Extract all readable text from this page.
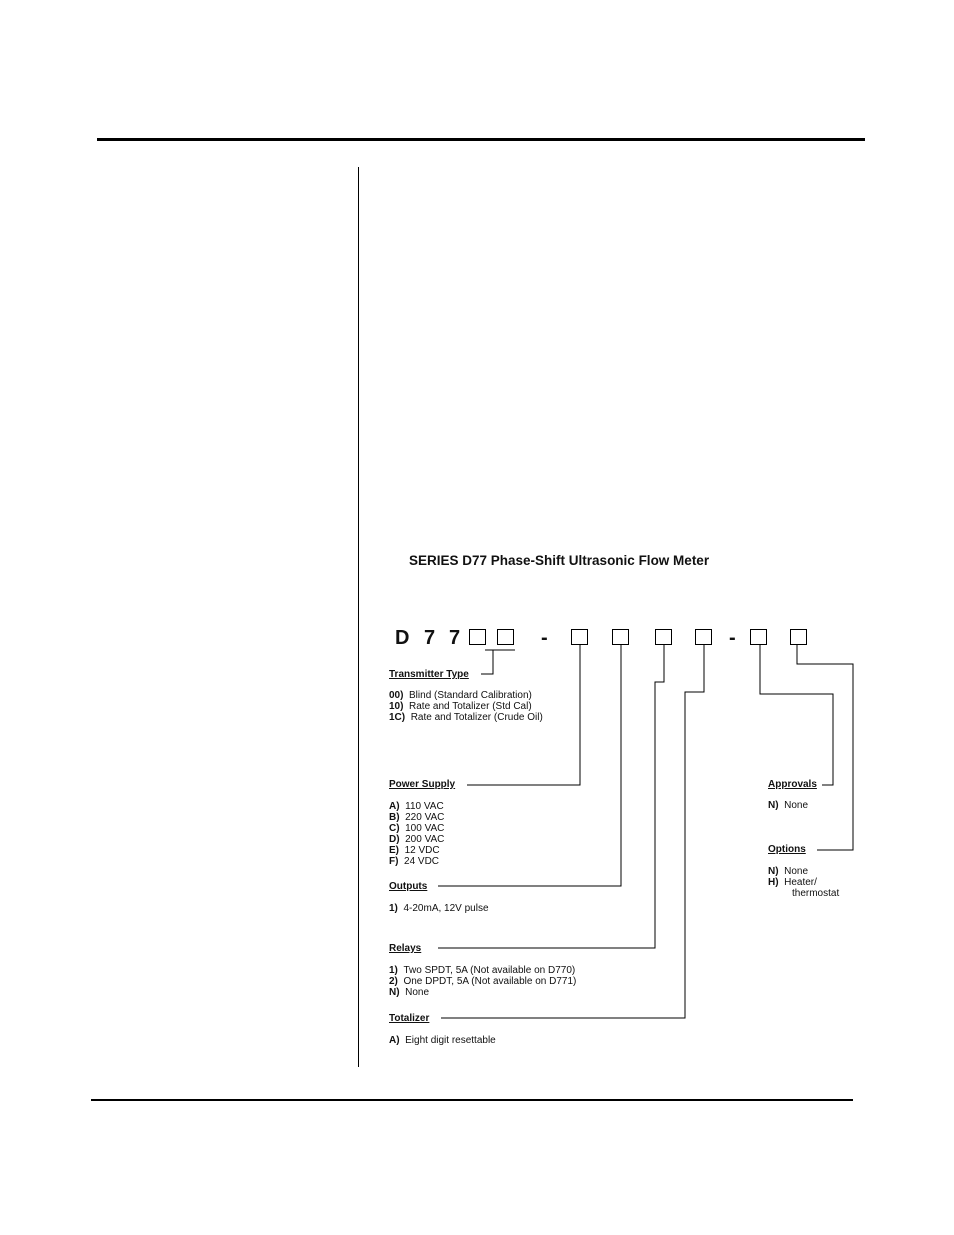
SERIES D77 Phase-Shift Ultrasonic Flow Meter
D 7 7	-	-
Transmitter Type
00) Blind (Standard Calibration)
10) Rate and Totalizer (Std Cal)
1C) Rate and Totalizer (Crude Oil)
Power Supply
A) 110 VAC
B) 220 VAC
C) 100 VAC
D) 200 VAC
E) 12 VDC
F) 24 VDC
Outputs
1) 4-20mA, 12V pulse
Relays
1) Two SPDT, 5A (Not available on D770)
2) One DPDT, 5A (Not available on D771)
N) None
Totalizer
A) Eight digit resettable
Approvals
N) None
Options
N) None
H) Heater/
thermostat
